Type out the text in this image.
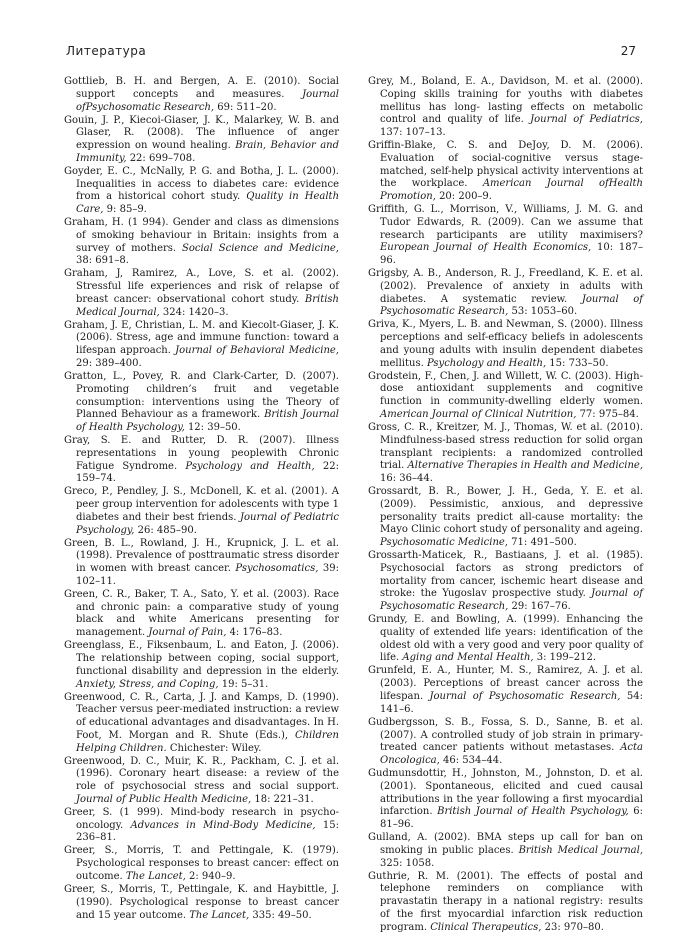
Литература	27

Gottlieb, B. H. and Bergen, A. E. (2010). Social support concepts and measures. Journal ofPsychosomatic Research, 69: 511–20.

Gouin, J. P., Kiecoi-Giaser, J. K., Malarkey, W. B. and Glaser, R. (2008). The influence of anger expression on wound healing. Brain, Behavior and Immunity, 22: 699–708.

Goyder, E. C., McNally, P. G. and Botha, J. L. (2000). Inequalities in access to diabetes care: evidence from a historical cohort study. Quality in Health Care, 9: 85–9.

Graham, H. (1 994). Gender and class as dimensions of smoking behaviour in Britain: insights from a survey of mothers. Social Science and Medicine, 38: 691–8.

Graham, J, Ramirez, A., Love, S. et al. (2002). Stressful life experiences and risk of relapse of breast cancer: observational cohort study. British Medical Journal, 324: 1420–3.

Graham, J. E, Christian, L. M. and Kiecolt-Giaser, J. K. (2006). Stress, age and immune function: toward a lifespan approach. Journal of Behavioral Medicine, 29: 389–400.

Gratton, L., Povey, R. and Clark-Carter, D. (2007). Promoting children’s fruit and vegetable consumption: interventions using the Theory of Planned Behaviour as a framework. British Journal of Health Psychology, 12: 39–50.

Gray, S. E. and Rutter, D. R. (2007). Illness representations in young peoplewith Chronic Fatigue Syndrome. Psychology and Health, 22: 159–74.

Greco, P., Pendley, J. S., McDonell, K. et al. (2001). A peer group intervention for adolescents with type 1 diabetes and their best friends. Journal of Pediatric Psychology, 26: 485–90.

Green, B. L., Rowland, J. H., Krupnick, J. L. et al. (1998). Prevalence of posttraumatic stress disorder in women with breast cancer. Psychosomatics, 39: 102–11.

Green, C. R., Baker, T. A., Sato, Y. et al. (2003). Race and chronic pain: a comparative study of young black and white Americans presenting for management. Journal of Pain, 4: 176–83.

Greenglass, E., Fiksenbaum, L. and Eaton, J. (2006). The relationship between coping, social support, functional disability and depression in the elderly. Anxiety, Stress, and Coping, 19: 5–31.

Greenwood, C. R., Carta, J. J. and Kamps, D. (1990). Teacher versus peer-mediated instruction: a review of educational advantages and disadvantages. In H. Foot, M. Morgan and R. Shute (Eds.), Children Helping Children. Chichester: Wiley.

Greenwood, D. C., Muir, K. R., Packham, C. J. et al. (1996). Coronary heart disease: a review of the role of psychosocial stress and social support. Journal of Public Health Medicine, 18: 221–31.

Greer, S. (1 999). Mind-body research in psycho-oncology. Advances in Mind-Body Medicine, 15: 236–81.

Greer, S., Morris, T. and Pettingale, K. (1979). Psychological responses to breast cancer: effect on outcome. The Lancet, 2: 940–9.

Greer, S., Morris, T., Pettingale, K. and Haybittle, J. (1990). Psychological response to breast cancer and 15 year outcome. The Lancet, 335: 49–50.

Grey, M., Boland, E. A., Davidson, M. et al. (2000). Coping skills training for youths with diabetes mellitus has long- lasting effects on metabolic control and quality of life. Journal of Pediatrics, 137: 107–13.

Griffin-Blake, C. S. and DeJoy, D. M. (2006). Evaluation of social-cognitive versus stage-matched, self-help physical activity interventions at the workplace. American Journal ofHealth Promotion, 20: 200–9.

Griffith, G. L., Morrison, V., Williams, J. M. G. and Tudor Edwards, R. (2009). Can we assume that research participants are utility maximisers? European Journal of Health Economics, 10: 187–96.

Grigsby, A. B., Anderson, R. J., Freedland, K. E. et al. (2002). Prevalence of anxiety in adults with diabetes. A systematic review. Journal of Psychosomatic Research, 53: 1053–60.

Griva, K., Myers, L. B. and Newman, S. (2000). Illness perceptions and self-efficacy beliefs in adolescents and young adults with insulin dependent diabetes mellitus. Psychology and Health, 15: 733–50.

Grodstein, F., Chen, J. and Willett, W. C. (2003). High- dose antioxidant supplements and cognitive function in community-dwelling elderly women. American Journal of Clinical Nutrition, 77: 975–84.

Gross, C. R., Kreitzer, M. J., Thomas, W. et al. (2010). Mindfulness-based stress reduction for solid organ transplant recipients: a randomized controlled trial. Alternative Therapies in Health and Medicine, 16: 36–44.

Grossardt, B. R., Bower, J. H., Geda, Y. E. et al. (2009). Pessimistic, anxious, and depressive personality traits predict all-cause mortality: the Mayo Clinic cohort study of personality and ageing. Psychosomatic Medicine, 71: 491–500.

Grossarth-Maticek, R., Bastiaans, J. et al. (1985). Psychosocial factors as strong predictors of mortality from cancer, ischemic heart disease and stroke: the Yugoslav prospective study. Journal of Psychosomatic Research, 29: 167–76.

Grundy, E. and Bowling, A. (1999). Enhancing the quality of extended life years: identification of the oldest old with a very good and very poor quality of life. Aging and Mental Health, 3: 199–212.

Grunfeld, E. A., Hunter, M. S., Ramirez, A. J. et al. (2003). Perceptions of breast cancer across the lifespan. Journal of Psychosomatic Research, 54: 141–6.

Gudbergsson, S. B., Fossa, S. D., Sanne, B. et al. (2007). A controlled study of job strain in primary-treated cancer patients without metastases. Acta Oncologica, 46: 534–44.

Gudmunsdottir, H., Johnston, M., Johnston, D. et al. (2001). Spontaneous, elicited and cued causal attributions in the year following a first myocardial infarction. British Journal of Health Psychology, 6: 81–96.

Gulland, A. (2002). BMA steps up call for ban on smoking in public places. British Medical Journal, 325: 1058.

Guthrie, R. M. (2001). The effects of postal and telephone reminders on compliance with pravastatin therapy in a national registry: results of the first myocardial infarction risk reduction program. Clinical Therapeutics, 23: 970–80.
